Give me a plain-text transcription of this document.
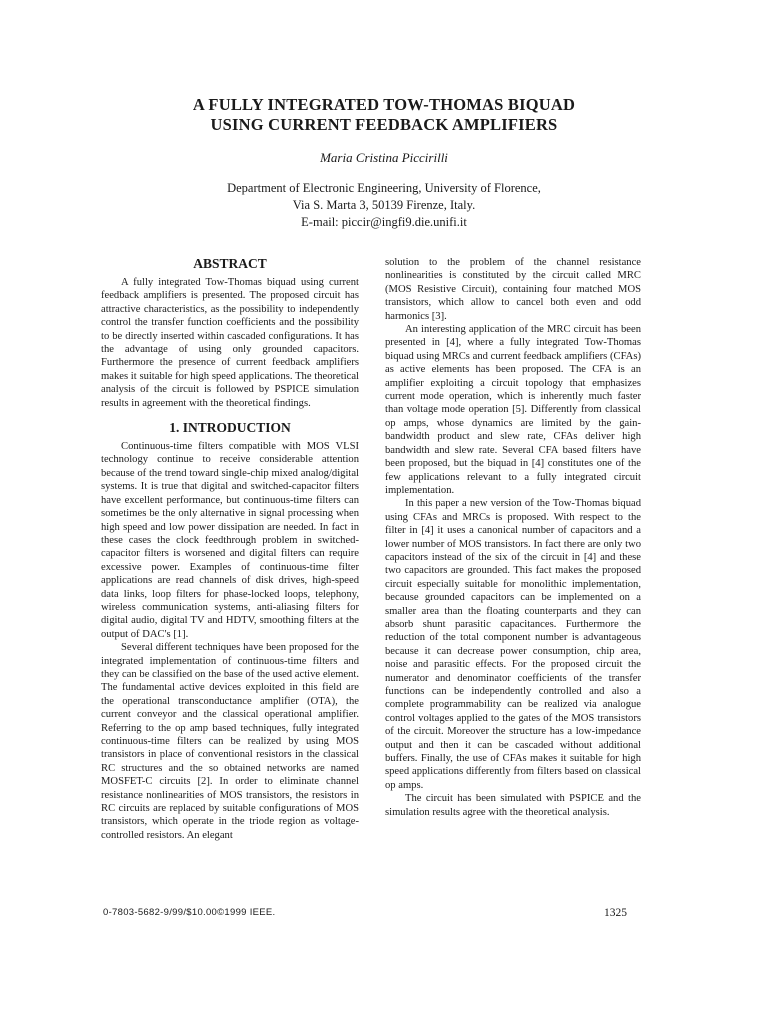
A FULLY INTEGRATED TOW-THOMAS BIQUAD
USING CURRENT FEEDBACK AMPLIFIERS

Maria Cristina Piccirilli

Department of Electronic Engineering, University of Florence,
Via S. Marta 3, 50139 Firenze, Italy.
E-mail: piccir@ingfi9.die.unifi.it
ABSTRACT

A fully integrated Tow-Thomas biquad using current feedback amplifiers is presented. The proposed circuit has attractive characteristics, as the possibility to independently control the transfer function coefficients and the possibility to be directly inserted within cascaded configurations. It has the advantage of using only grounded capacitors. Furthermore the presence of current feedback amplifiers makes it suitable for high speed applications. The theoretical analysis of the circuit is followed by PSPICE simulation results in agreement with the theoretical findings.

1. INTRODUCTION

Continuous-time filters compatible with MOS VLSI technology continue to receive considerable attention because of the trend toward single-chip mixed analog/digital systems. It is true that digital and switched-capacitor filters have excellent performance, but continuous-time filters can sometimes be the only alternative in signal processing when high speed and low power dissipation are needed. In fact in these cases the clock feedthrough problem in switched-capacitor filters is worsened and digital filters can require excessive power. Examples of continuous-time filter applications are read channels of disk drives, high-speed data links, loop filters for phase-locked loops, telephony, wireless communication systems, anti-aliasing filters for digital audio, digital TV and HDTV, smoothing filters at the output of DAC's [1].

Several different techniques have been proposed for the integrated implementation of continuous-time filters and they can be classified on the base of the used active element. The fundamental active devices exploited in this field are the operational transconductance amplifier (OTA), the current conveyor and the classical operational amplifier. Referring to the op amp based techniques, fully integrated continuous-time filters can be realized by using MOS transistors in place of conventional resistors in the classical RC structures and the so obtained networks are named MOSFET-C circuits [2]. In order to eliminate channel resistance nonlinearities of MOS transistors, the resistors in RC circuits are replaced by suitable configurations of MOS transistors, which operate in the triode region as voltage-controlled resistors. An elegant

solution to the problem of the channel resistance nonlinearities is constituted by the circuit called MRC (MOS Resistive Circuit), containing four matched MOS transistors, which allow to cancel both even and odd harmonics [3].

An interesting application of the MRC circuit has been presented in [4], where a fully integrated Tow-Thomas biquad using MRCs and current feedback amplifiers (CFAs) as active elements has been proposed. The CFA is an amplifier exploiting a circuit topology that emphasizes current mode operation, which is inherently much faster than voltage mode operation [5]. Differently from classical op amps, whose dynamics are limited by the gain-bandwidth product and slew rate, CFAs deliver high bandwidth and slew rate. Several CFA based filters have been proposed, but the biquad in [4] constitutes one of the few applications relevant to a fully integrated circuit implementation.

In this paper a new version of the Tow-Thomas biquad using CFAs and MRCs is proposed. With respect to the filter in [4] it uses a canonical number of capacitors and a lower number of MOS transistors. In fact there are only two capacitors instead of the six of the circuit in [4] and these two capacitors are grounded. This fact makes the proposed circuit especially suitable for monolithic implementation, because grounded capacitors can be implemented on a smaller area than the floating counterparts and they can absorb shunt parasitic capacitances. Furthermore the reduction of the total component number is advantageous because it can decrease power consumption, chip area, noise and parasitic effects. For the proposed circuit the numerator and denominator coefficients of the transfer functions can be independently controlled and also a complete programmability can be realized via analogue control voltages applied to the gates of the MOS transistors of the circuit. Moreover the structure has a low-impedance output and then it can be cascaded without additional buffers. Finally, the use of CFAs makes it suitable for high speed applications differently from filters based on classical op amps.

The circuit has been simulated with PSPICE and the simulation results agree with the theoretical analysis.

0-7803-5682-9/99/$10.00©1999 IEEE.	1325
